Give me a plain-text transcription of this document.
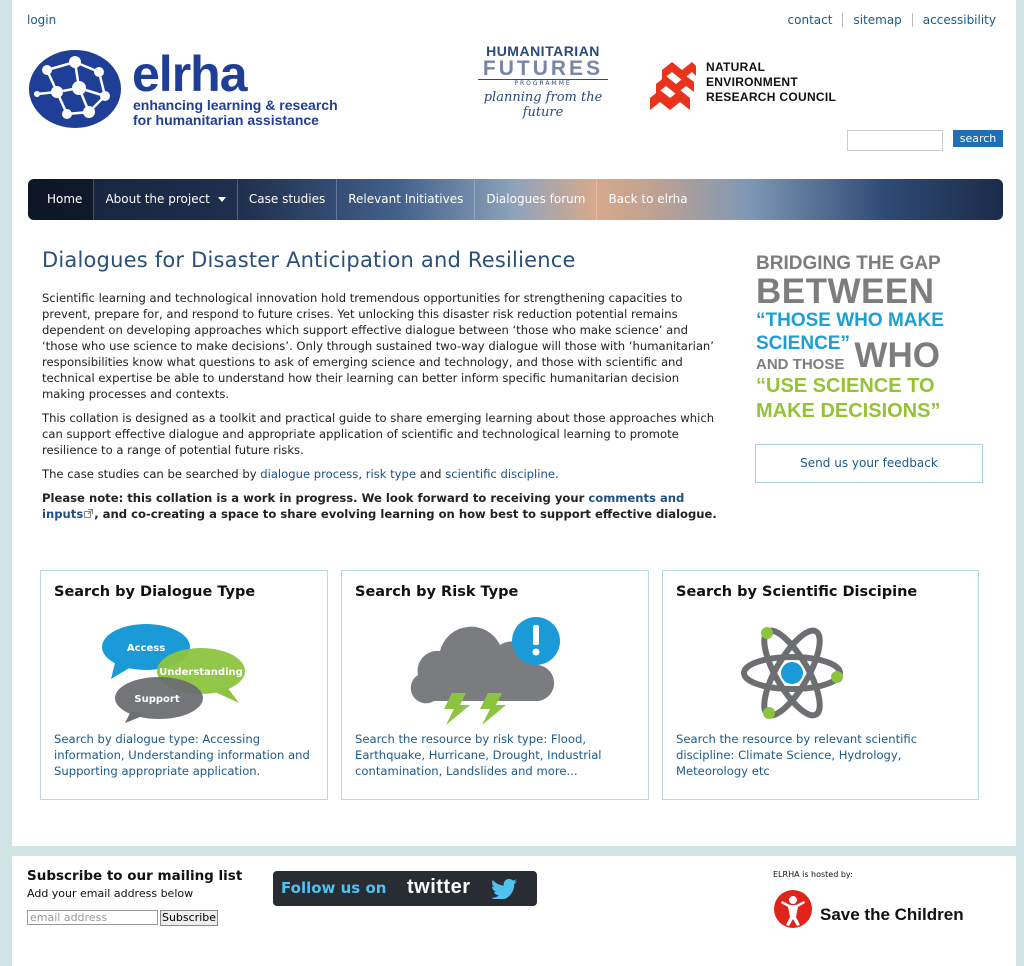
login	contact	sitemap	accessibility
elrha
enhancing learning & research
for humanitarian assistance
HUMANITARIAN
FUTURES
PROGRAMME
planning from the future
NATURAL
ENVIRONMENT
RESEARCH COUNCIL
search
Home	About the project	Case studies	Relevant Initiatives	Dialogues forum	Back to elrha
Dialogues for Disaster Anticipation and Resilience

Scientific learning and technological innovation hold tremendous opportunities for strengthening capacities to prevent, prepare for, and respond to future crises. Yet unlocking this disaster risk reduction potential remains dependent on developing approaches which support effective dialogue between ‘those who make science’ and ‘those who use science to make decisions’. Only through sustained two-way dialogue will those with ‘humanitarian’ responsibilities know what questions to ask of emerging science and technology, and those with scientific and technical expertise be able to understand how their learning can better inform specific humanitarian decision making processes and contexts.

This collation is designed as a toolkit and practical guide to share emerging learning about those approaches which can support effective dialogue and appropriate application of scientific and technological learning to promote resilience to a range of potential future risks.

The case studies can be searched by dialogue process, risk type and scientific discipline.

Please note: this collation is a work in progress. We look forward to receiving your comments and inputs , and co-creating a space to share evolving learning on how best to support effective dialogue.

BRIDGING THE GAP
BETWEEN
“THOSE WHO MAKE
SCIENCE”
AND THOSE WHO
“USE SCIENCE TO
MAKE DECISIONS”
Send us your feedback
Search by Dialogue Type
Access
Understanding
Support
Search by dialogue type: Accessing information, Understanding information and Supporting appropriate application.
Search by Risk Type
Search the resource by risk type: Flood, Earthquake, Hurricane, Drought, Industrial contamination, Landslides and more...
Search by Scientific Discipine
Search the resource by relevant scientific discipline: Climate Science, Hydrology, Meteorology etc
Subscribe to our mailing list
Add your email address below
email address	Subscribe
Follow us on twitter
ELRHA is hosted by:
Save the Children
